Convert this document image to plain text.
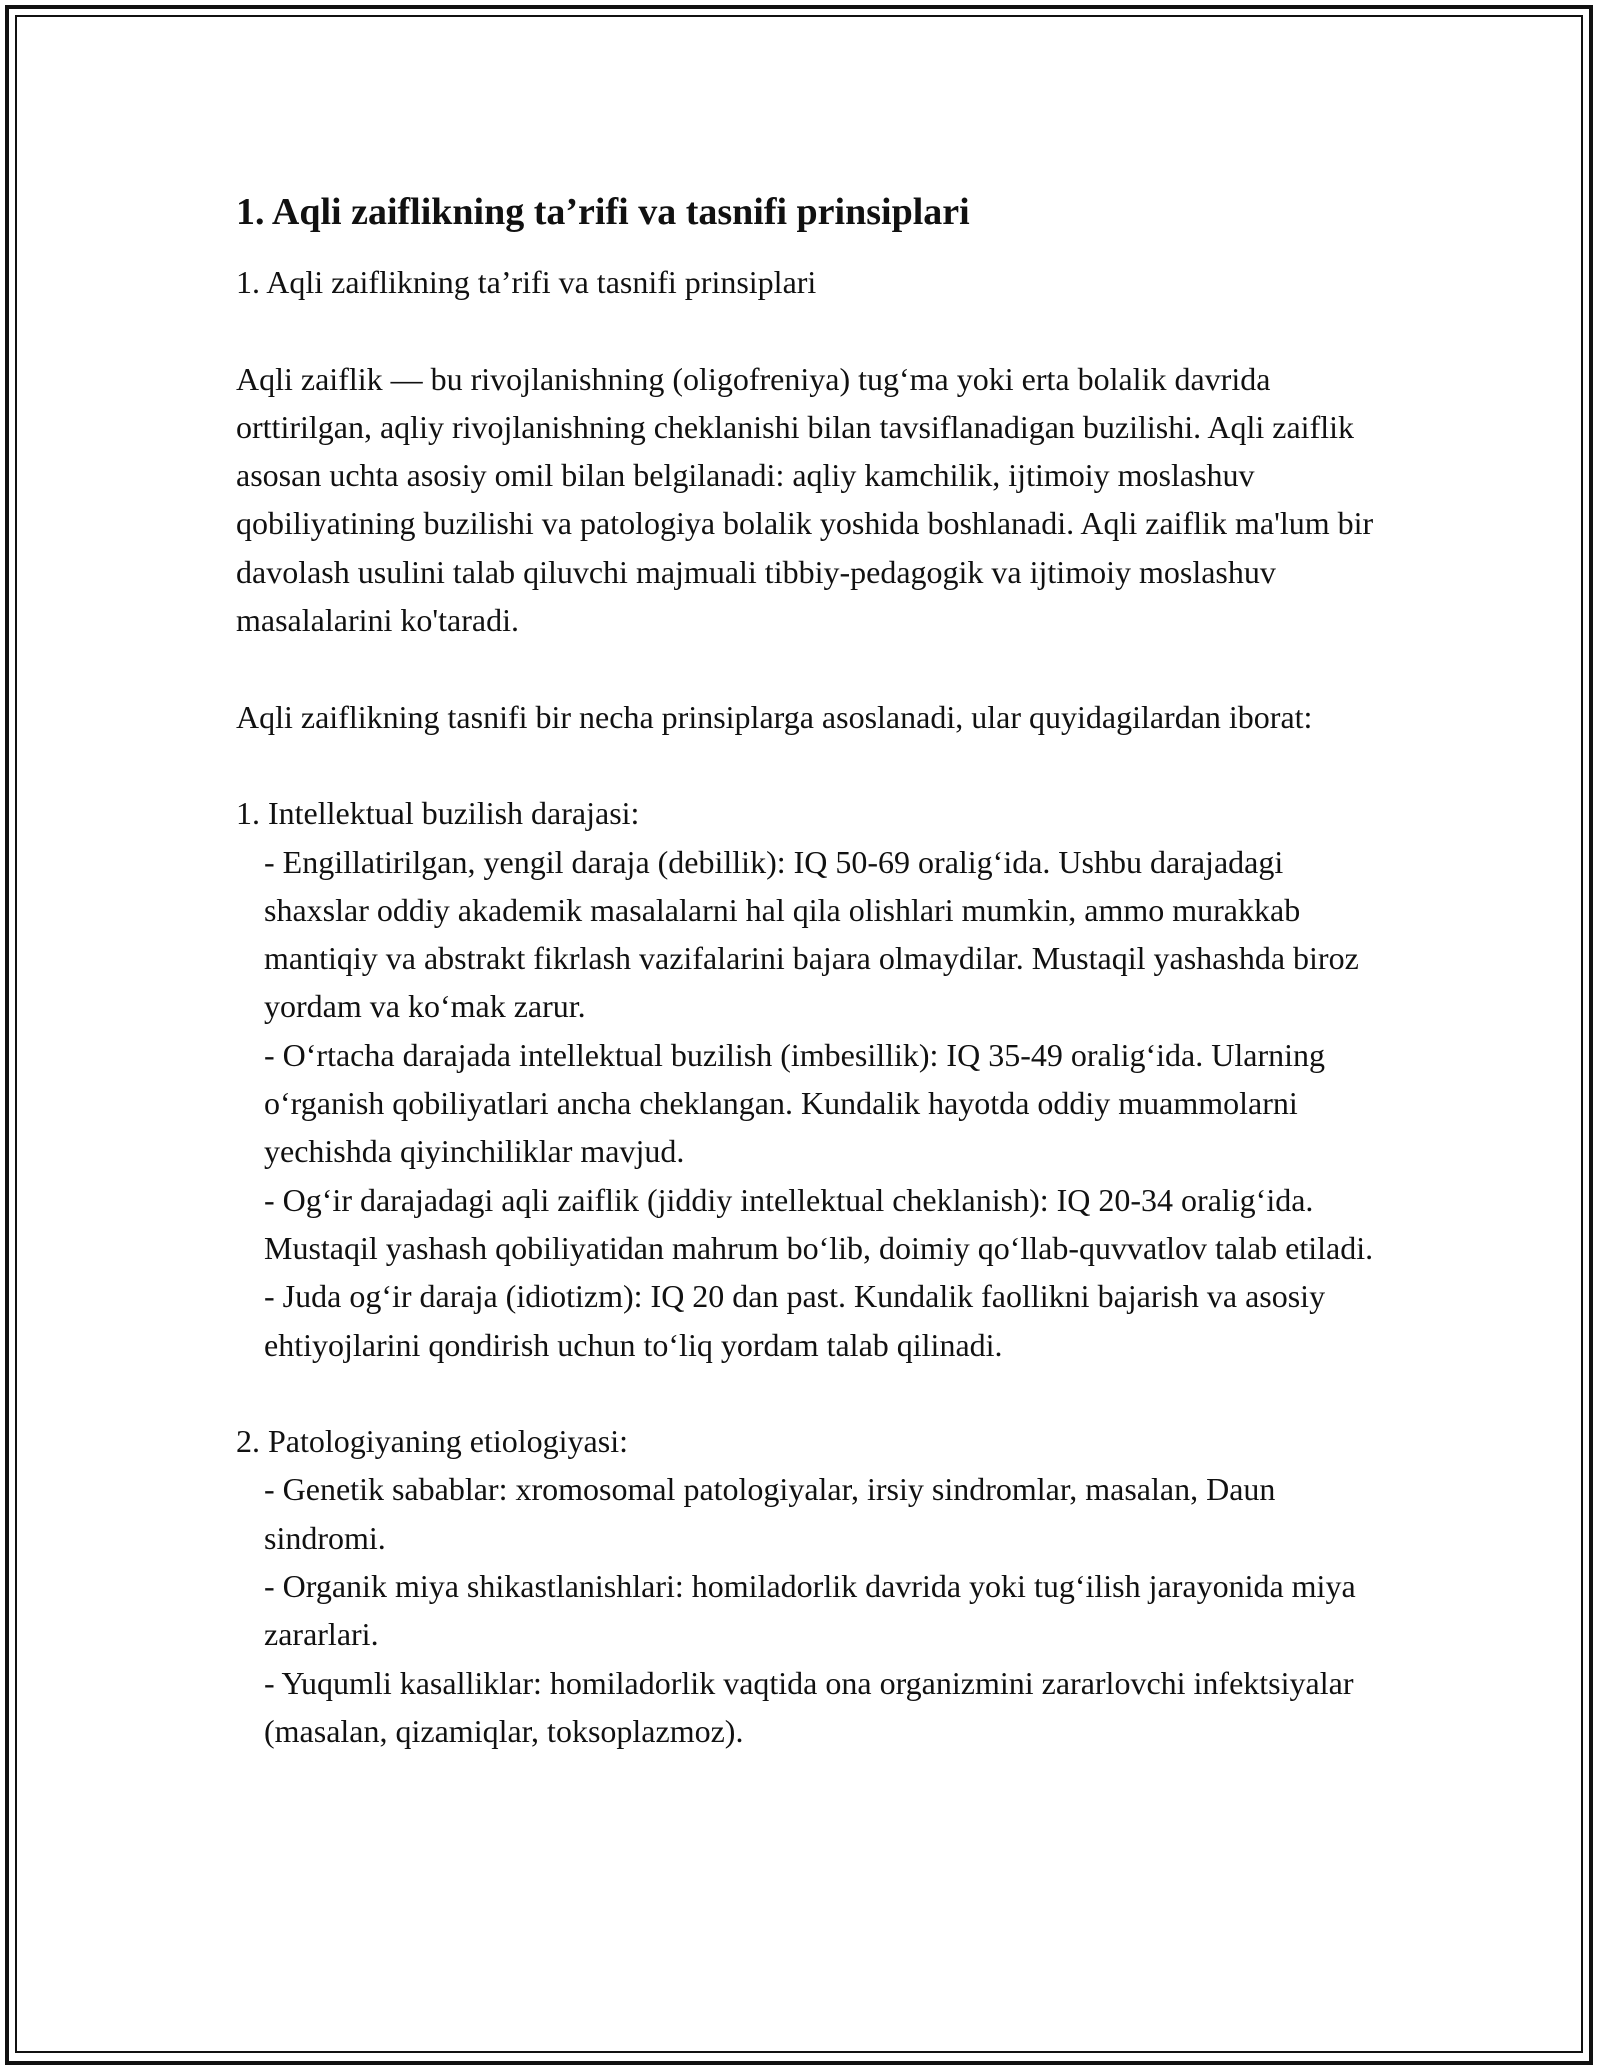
1. Aqli zaiflikning ta’rifi va tasnifi prinsiplari

1. Aqli zaiflikning ta’rifi va tasnifi prinsiplari

Aqli zaiflik — bu rivojlanishning (oligofreniya) tug‘ma yoki erta bolalik davrida orttirilgan, aqliy rivojlanishning cheklanishi bilan tavsiflanadigan buzilishi. Aqli zaiflik asosan uchta asosiy omil bilan belgilanadi: aqliy kamchilik, ijtimoiy moslashuv qobiliyatining buzilishi va patologiya bolalik yoshida boshlanadi. Aqli zaiflik ma'lum bir davolash usulini talab qiluvchi majmuali tibbiy-pedagogik va ijtimoiy moslashuv masalalarini ko'taradi.

Aqli zaiflikning tasnifi bir necha prinsiplarga asoslanadi, ular quyidagilardan iborat:

1. Intellektual buzilish darajasi:

- Engillatirilgan, yengil daraja (debillik): IQ 50-69 oralig‘ida. Ushbu darajadagi shaxslar oddiy akademik masalalarni hal qila olishlari mumkin, ammo murakkab mantiqiy va abstrakt fikrlash vazifalarini bajara olmaydilar. Mustaqil yashashda biroz yordam va ko‘mak zarur.

- O‘rtacha darajada intellektual buzilish (imbesillik): IQ 35-49 oralig‘ida. Ularning o‘rganish qobiliyatlari ancha cheklangan. Kundalik hayotda oddiy muammolarni yechishda qiyinchiliklar mavjud.

- Og‘ir darajadagi aqli zaiflik (jiddiy intellektual cheklanish): IQ 20-34 oralig‘ida. Mustaqil yashash qobiliyatidan mahrum bo‘lib, doimiy qo‘llab-quvvatlov talab etiladi.

- Juda og‘ir daraja (idiotizm): IQ 20 dan past. Kundalik faollikni bajarish va asosiy ehtiyojlarini qondirish uchun to‘liq yordam talab qilinadi.

2. Patologiyaning etiologiyasi:

- Genetik sabablar: xromosomal patologiyalar, irsiy sindromlar, masalan, Daun sindromi.

- Organik miya shikastlanishlari: homiladorlik davrida yoki tug‘ilish jarayonida miya zararlari.

- Yuqumli kasalliklar: homiladorlik vaqtida ona organizmini zararlovchi infektsiyalar (masalan, qizamiqlar, toksoplazmoz).
